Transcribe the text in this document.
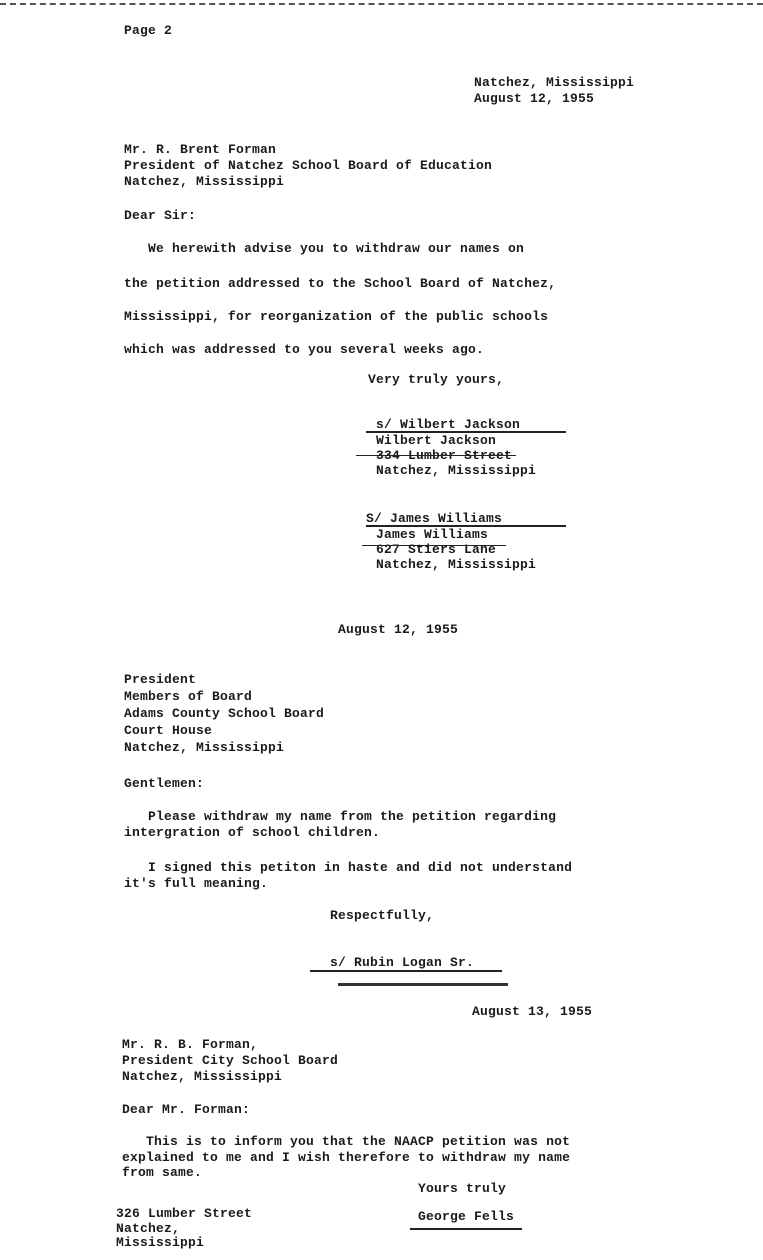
Page 2
Natchez, Mississippi
August 12, 1955
Mr. R. Brent Forman
President of Natchez School Board of Education
Natchez, Mississippi
Dear Sir:
We herewith advise you to withdraw our names on
the petition addressed to the School Board of Natchez,
Mississippi, for reorganization of the public schools
which was addressed to you several weeks ago.
Very truly yours,
s/ Wilbert Jackson
Wilbert Jackson
334 Lumber Street
Natchez, Mississippi
S/ James Williams
James Williams
627 Stiers Lane
Natchez, Mississippi
August 12, 1955
President
Members of Board
Adams County School Board
Court House
Natchez, Mississippi
Gentlemen:
Please withdraw my name from the petition regarding
intergration of school children.
I signed this petiton in haste and did not understand
it's full meaning.
Respectfully,
s/ Rubin Logan Sr.
August 13, 1955
Mr. R. B. Forman,
President City School Board
Natchez, Mississippi
Dear Mr. Forman:
This is to inform you that the NAACP petition was not
explained to me and I wish therefore to withdraw my name
from same.
Yours truly
326 Lumber Street
Natchez,
Mississippi
George Fells
